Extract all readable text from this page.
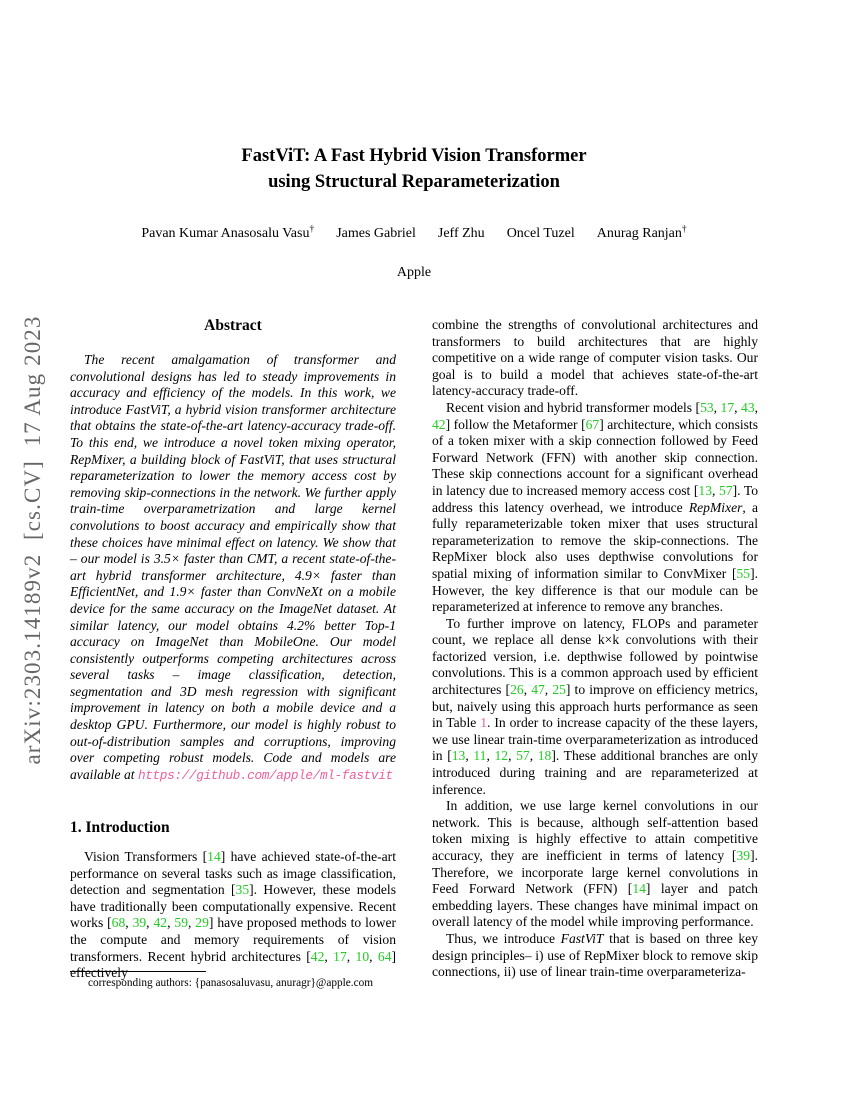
arXiv:2303.14189v2  [cs.CV]  17 Aug 2023
FastViT: A Fast Hybrid Vision Transformer
using Structural Reparameterization
Pavan Kumar Anasosalu Vasu† James Gabriel Jeff Zhu Oncel Tuzel Anurag Ranjan†
Apple
Abstract

The recent amalgamation of transformer and convolutional designs has led to steady improvements in accuracy and efficiency of the models. In this work, we introduce FastViT, a hybrid vision transformer architecture that obtains the state-of-the-art latency-accuracy trade-off. To this end, we introduce a novel token mixing operator, RepMixer, a building block of FastViT, that uses structural reparameterization to lower the memory access cost by removing skip-connections in the network. We further apply train-time overparametrization and large kernel convolutions to boost accuracy and empirically show that these choices have minimal effect on latency. We show that – our model is 3.5× faster than CMT, a recent state-of-the-art hybrid transformer architecture, 4.9× faster than EfficientNet, and 1.9× faster than ConvNeXt on a mobile device for the same accuracy on the ImageNet dataset. At similar latency, our model obtains 4.2% better Top-1 accuracy on ImageNet than MobileOne. Our model consistently outperforms competing architectures across several tasks – image classification, detection, segmentation and 3D mesh regression with significant improvement in latency on both a mobile device and a desktop GPU. Furthermore, our model is highly robust to out-of-distribution samples and corruptions, improving over competing robust models. Code and models are available at https://github.com/apple/ml-fastvit

1. Introduction

Vision Transformers [14] have achieved state-of-the-art performance on several tasks such as image classification, detection and segmentation [35]. However, these models have traditionally been computationally expensive. Recent works [68, 39, 42, 59, 29] have proposed methods to lower the compute and memory requirements of vision transformers. Recent hybrid architectures [42, 17, 10, 64] effectively

combine the strengths of convolutional architectures and transformers to build architectures that are highly competitive on a wide range of computer vision tasks. Our goal is to build a model that achieves state-of-the-art latency-accuracy trade-off.

Recent vision and hybrid transformer models [53, 17, 43, 42] follow the Metaformer [67] architecture, which consists of a token mixer with a skip connection followed by Feed Forward Network (FFN) with another skip connection. These skip connections account for a significant overhead in latency due to increased memory access cost [13, 57]. To address this latency overhead, we introduce RepMixer, a fully reparameterizable token mixer that uses structural reparameterization to remove the skip-connections. The RepMixer block also uses depthwise convolutions for spatial mixing of information similar to ConvMixer [55]. However, the key difference is that our module can be reparameterized at inference to remove any branches.

To further improve on latency, FLOPs and parameter count, we replace all dense k×k convolutions with their factorized version, i.e. depthwise followed by pointwise convolutions. This is a common approach used by efficient architectures [26, 47, 25] to improve on efficiency metrics, but, naively using this approach hurts performance as seen in Table 1. In order to increase capacity of the these layers, we use linear train-time overparameterization as introduced in [13, 11, 12, 57, 18]. These additional branches are only introduced during training and are reparameterized at inference.

In addition, we use large kernel convolutions in our network. This is because, although self-attention based token mixing is highly effective to attain competitive accuracy, they are inefficient in terms of latency [39]. Therefore, we incorporate large kernel convolutions in Feed Forward Network (FFN) [14] layer and patch embedding layers. These changes have minimal impact on overall latency of the model while improving performance.

Thus, we introduce FastViT that is based on three key design principles– i) use of RepMixer block to remove skip connections, ii) use of linear train-time overparameteriza-

corresponding authors: {panasosaluvasu, anuragr}@apple.com
